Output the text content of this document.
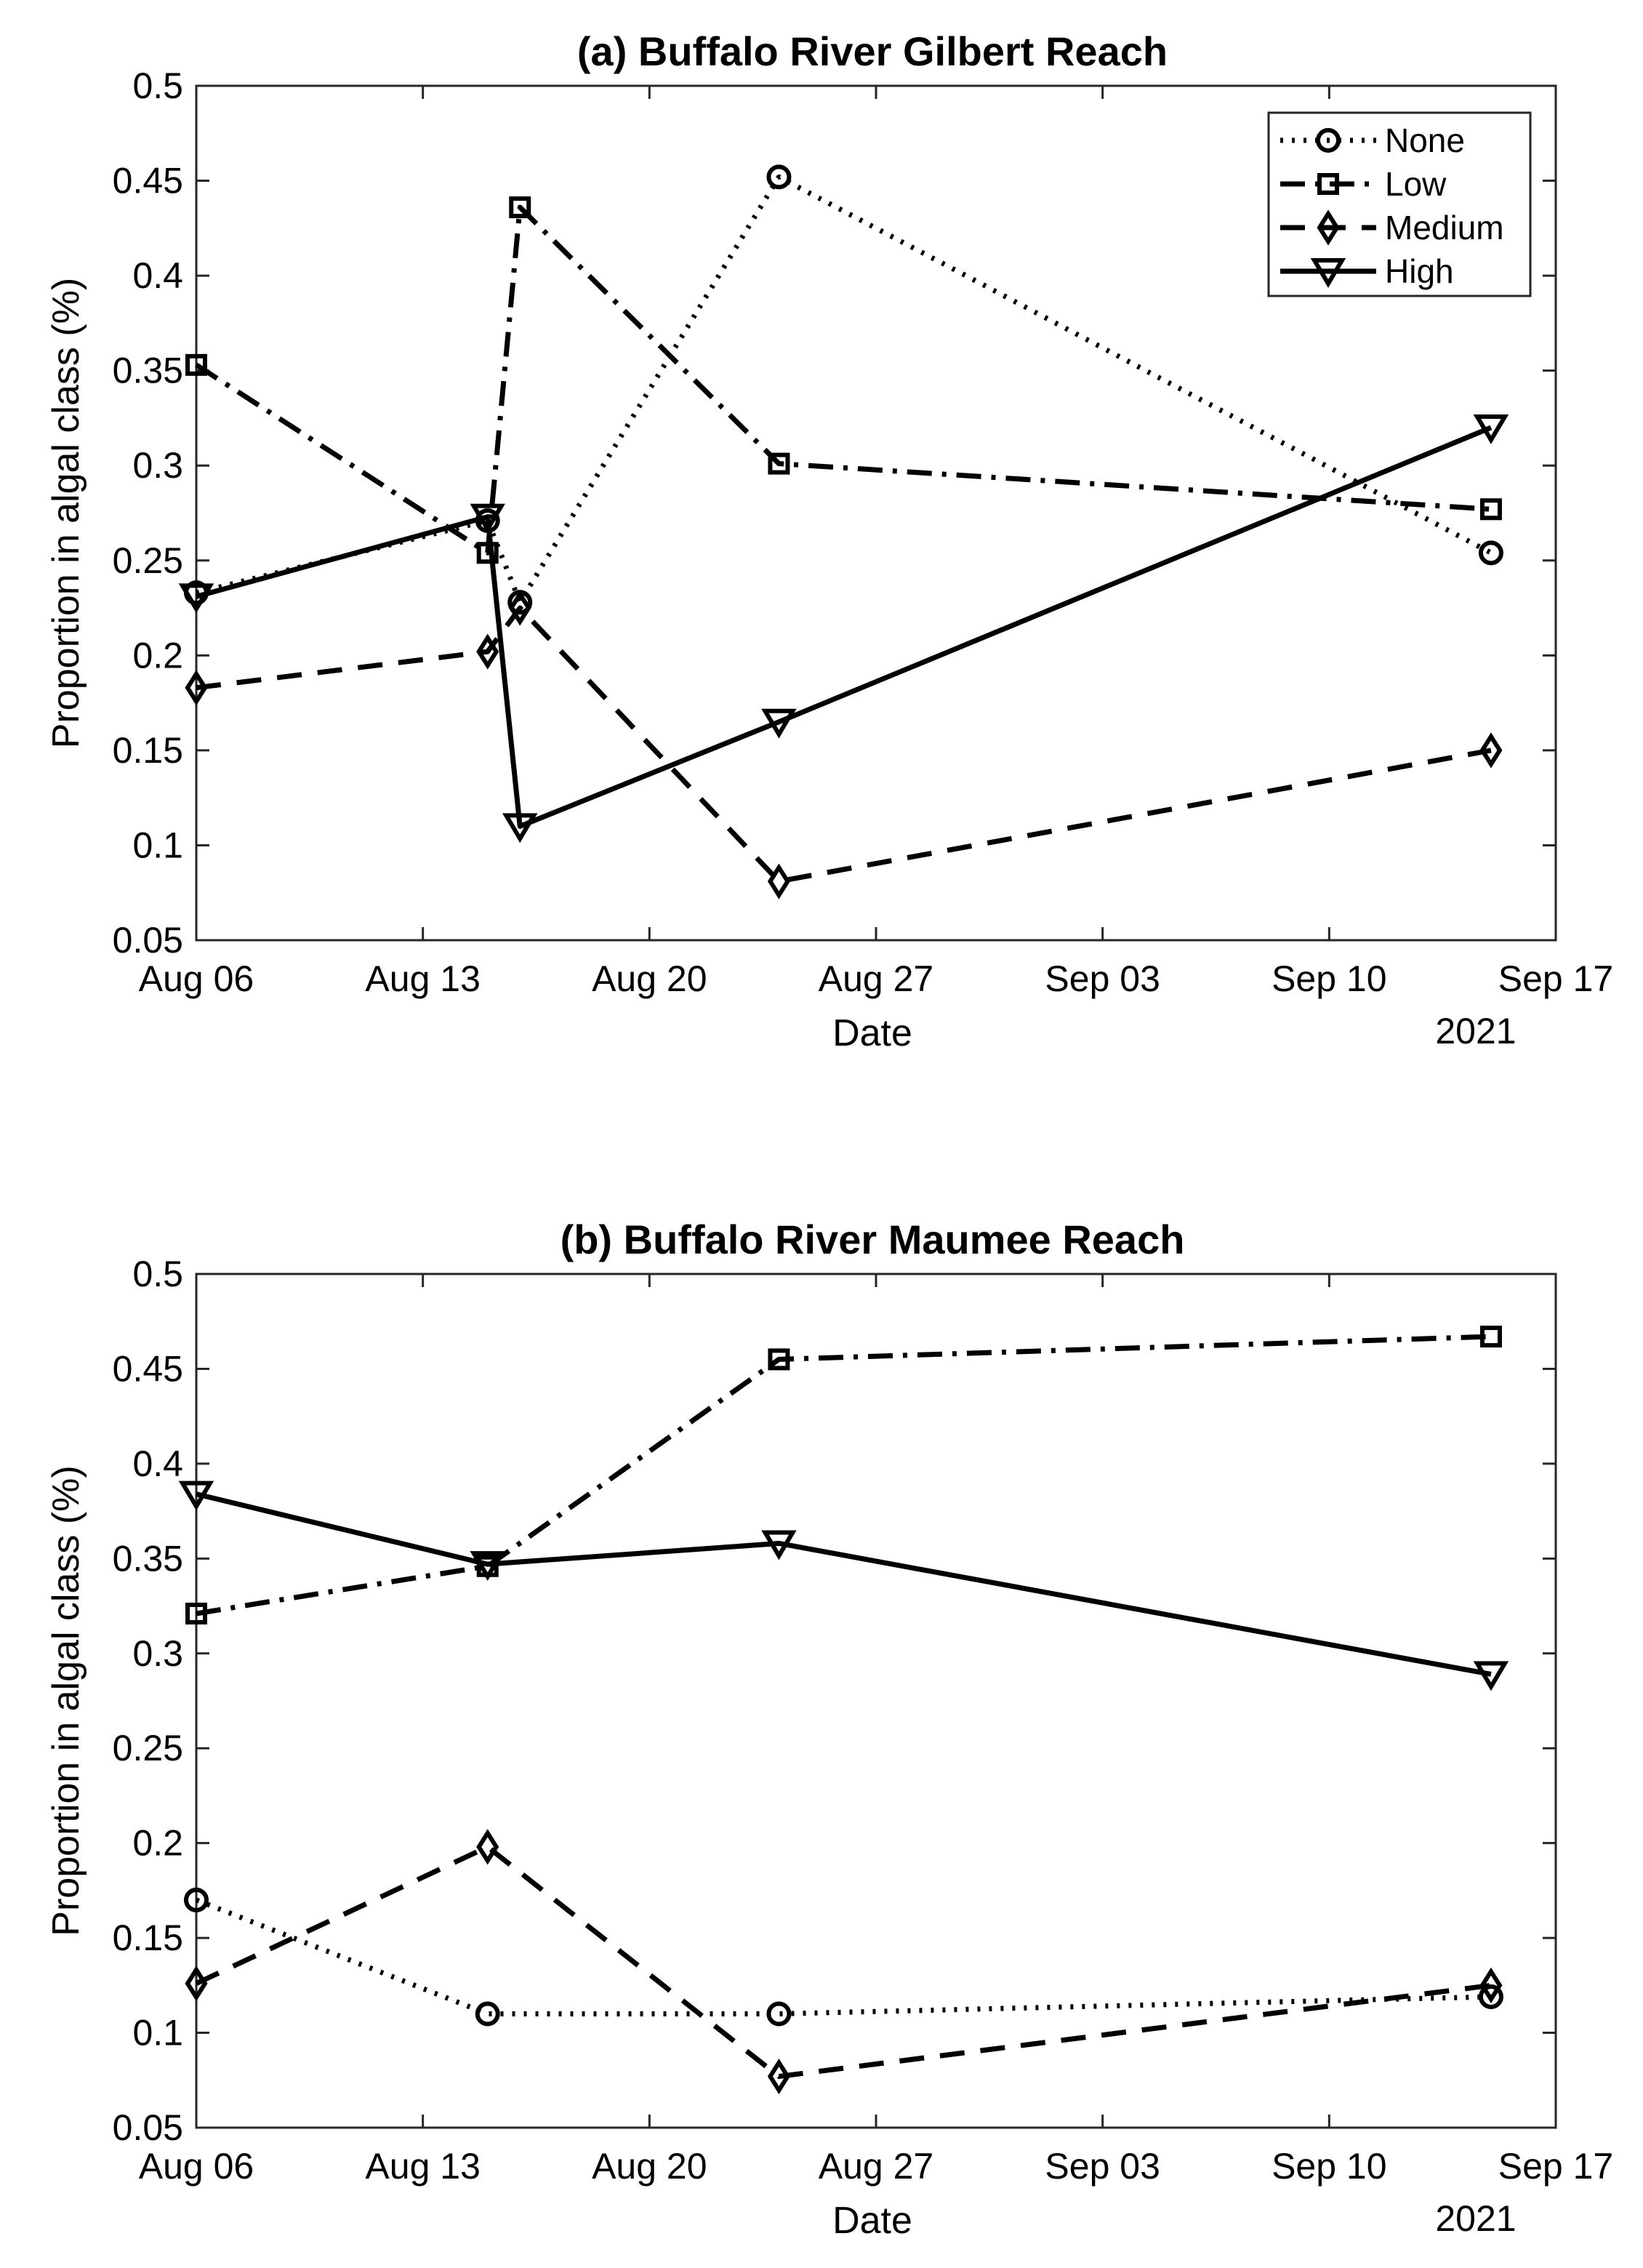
0.05
0.1
0.15
0.2
0.25
0.3
0.35
0.4
0.45
0.5
Aug 06	Aug 13	Aug 20	Aug 27	Sep 03	Sep 10	Sep 17
2021
Date
Proportion in algal class (%)
(a) Buffalo River Gilbert Reach
None
Low
Medium
High
0.05
0.1
0.15
0.2
0.25
0.3
0.35
0.4
0.45
0.5
Aug 06	Aug 13	Aug 20	Aug 27	Sep 03	Sep 10	Sep 17
2021
Date
Proportion in algal class (%)
(b) Buffalo River Maumee Reach
